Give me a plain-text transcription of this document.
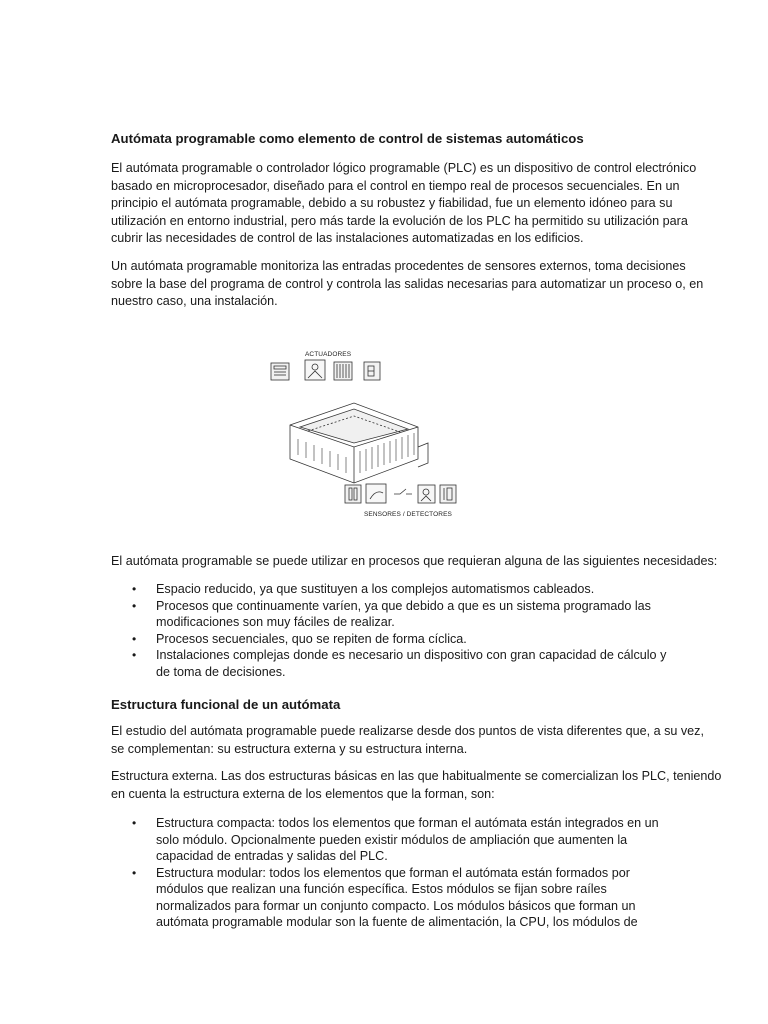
Autómata programable como elemento de control de sistemas automáticos
El autómata programable o controlador lógico programable (PLC) es un dispositivo de control electrónico
basado en microprocesador, diseñado para el control en tiempo real de procesos secuenciales. En un
principio el autómata programable, debido a su robustez y fiabilidad, fue un elemento idóneo para su
utilización en entorno industrial, pero más tarde la evolución de los PLC ha permitido su utilización para
cubrir las necesidades de control de las instalaciones automatizadas en los edificios.
Un autómata programable monitoriza las entradas procedentes de sensores externos, toma decisiones
sobre la base del programa de control y controla las salidas necesarias para automatizar un proceso o, en
nuestro caso, una instalación.
El autómata programable se puede utilizar en procesos que requieran alguna de las siguientes necesidades:
• Espacio reducido, ya que sustituyen a los complejos automatismos cableados.
• Procesos que continuamente varíen, ya que debido a que es un sistema programado las
modificaciones son muy fáciles de realizar.
• Procesos secuenciales, quo se repiten de forma cíclica.
• Instalaciones complejas donde es necesario un dispositivo con gran capacidad de cálculo y
de toma de decisiones.
Estructura funcional de un autómata
El estudio del autómata programable puede realizarse desde dos puntos de vista diferentes que, a su vez,
se complementan: su estructura externa y su estructura interna.
Estructura externa. Las dos estructuras básicas en las que habitualmente se comercializan los PLC, teniendo
en cuenta la estructura externa de los elementos que la forman, son:
• Estructura compacta: todos los elementos que forman el autómata están integrados en un
solo módulo. Opcionalmente pueden existir módulos de ampliación que aumenten la
capacidad de entradas y salidas del PLC.
• Estructura modular: todos los elementos que forman el autómata están formados por
módulos que realizan una función específica. Estos módulos se fijan sobre raíles
normalizados para formar un conjunto compacto. Los módulos básicos que forman un
autómata programable modular son la fuente de alimentación, la CPU, los módulos de
ACTUADORES
SENSORES / DETECTORES
